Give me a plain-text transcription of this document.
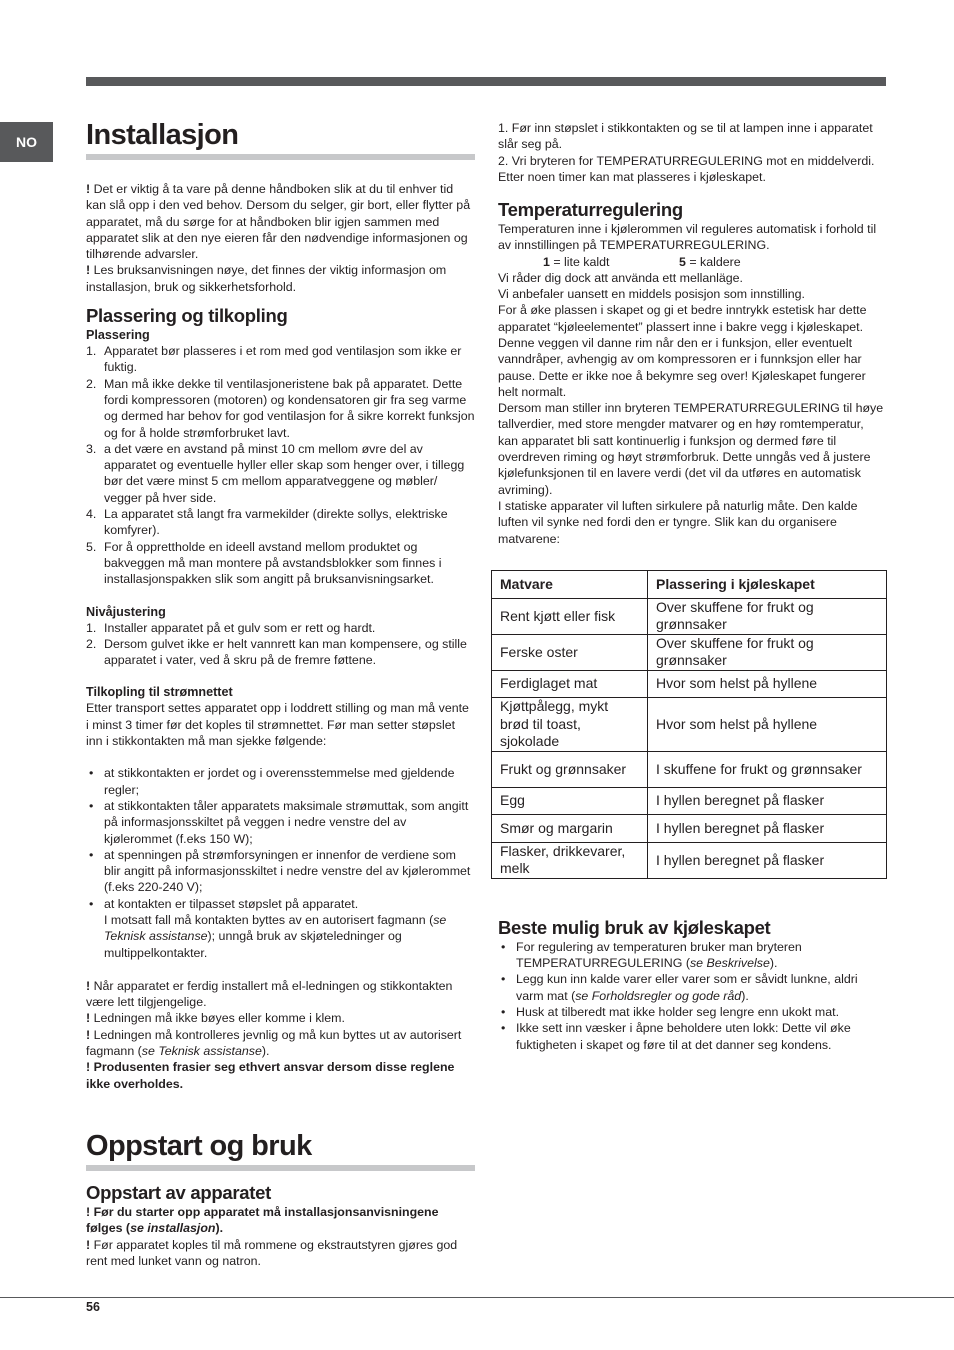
NO	Installasjon

! Det er viktig å ta vare på denne håndboken slik at du til enhver tid kan slå opp i den ved behov. Dersom du selger, gir bort, eller flytter på apparatet, må du sørge for at håndboken blir igjen sammen med apparatet slik at den nye eieren får den nødvendige informasjonen og tilhørende advarsler.

! Les bruksanvisningen nøye, det finnes der viktig informasjon om installasjon, bruk og sikkerhetsforhold.

Plassering og tilkopling
Plassering
1. Apparatet bør plasseres i et rom med god ventilasjon som ikke er fuktig.
2. Man må ikke dekke til ventilasjoneristene bak på apparatet. Dette fordi kompressoren (motoren) og kondensatoren gir fra seg varme og dermed har behov for god ventilasjon for å sikre korrekt funksjon og for å holde strømforbruket lavt.
3. a det være en avstand på minst 10 cm mellom øvre del av apparatet og eventuelle hyller eller skap som henger over, i tillegg bør det være minst 5 cm mellom apparatveggene og møbler/ vegger på hver side.
4. La apparatet stå langt fra varmekilder (direkte sollys, elektriske komfyrer).
5. For å opprettholde en ideell avstand mellom produktet og bakveggen må man montere på avstandsblokker som finnes i installasjonspakken slik som angitt på bruksanvisningsarket.
Nivåjustering
1. Installer apparatet på et gulv som er rett og hardt.
2. Dersom gulvet ikke er helt vannrett kan man kompensere, og stille apparatet i vater, ved å skru på de fremre føttene.
Tilkopling til strømnettet

Etter transport settes apparatet opp i loddrett stilling og man må vente i minst 3 timer før det koples til strømnettet. Før man setter støpslet inn i stikkontakten må man sjekke følgende:

• at stikkontakten er jordet og i overensstemmelse med gjeldende regler;
• at stikkontakten tåler apparatets maksimale strømuttak, som angitt på informasjonsskiltet på veggen i nedre venstre del av kjølerommet (f.eks 150 W);
• at spenningen på strømforsyningen er innenfor de verdiene som blir angitt på informasjonsskiltet i nedre venstre del av kjølerommet (f.eks 220-240 V);
• at kontakten er tilpasset støpslet på apparatet.
I motsatt fall må kontakten byttes av en autorisert fagmann (se Teknisk assistanse); unngå bruk av skjøteledninger og multippelkontakter.

! Når apparatet er ferdig installert må el-ledningen og stikkontakten være lett tilgjengelige.

! Ledningen må ikke bøyes eller komme i klem.

! Ledningen må kontrolleres jevnlig og må kun byttes ut av autorisert fagmann (se Teknisk assistanse).

! Produsenten frasier seg ethvert ansvar dersom disse reglene ikke overholdes.

Oppstart og bruk
Oppstart av apparatet

! Før du starter opp apparatet må installasjonsanvisningene følges (se installasjon).

! Før apparatet koples til må rommene og ekstrautstyren gjøres god rent med lunket vann og natron.

1. Før inn støpslet i stikkontakten og se til at lampen inne i apparatet slår seg på.

2. Vri bryteren for TEMPERATURREGULERING mot en middelverdi. Etter noen timer kan mat plasseres i kjøleskapet.

Temperaturregulering

Temperaturen inne i kjølerommen vil reguleres automatisk i forhold til av innstillingen på TEMPERATURREGULERING.

1 = lite kaldt	5 = kaldere

Vi råder dig dock att använda ett mellanläge.

Vi anbefaler uansett en middels posisjon som innstilling.

For å øke plassen i skapet og gi et bedre inntrykk estetisk har dette apparatet “kjøleelementet” plassert inne i bakre vegg i kjøleskapet. Denne veggen vil danne rim når den er i funksjon, eller eventuelt vanndråper, avhengig av om kompressoren er i funnksjon eller har pause. Dette er ikke noe å bekymre seg over! Kjøleskapet fungerer helt normalt.

Dersom man stiller inn bryteren TEMPERATURREGULERING til høye tallverdier, med store mengder matvarer og en høy romtemperatur, kan apparatet bli satt kontinuerlig i funksjon og dermed føre til overdreven riming og høyt strømforbruk. Dette unngås ved å justere kjølefunksjonen til en lavere verdi (det vil da utføres en automatisk avriming).

I statiske apparater vil luften sirkulere på naturlig måte. Den kalde luften vil synke ned fordi den er tyngre. Slik kan du organisere matvarene:

Matvare	Plassering i kjøleskapet
Rent kjøtt eller fisk	Over skuffene for frukt og grønnsaker
Ferske oster	Over skuffene for frukt og grønnsaker
Ferdiglaget mat	Hvor som helst på hyllene
Kjøttpålegg, mykt brød til toast, sjokolade	Hvor som helst på hyllene
Frukt og grønnsaker	I skuffene for frukt og grønnsaker
Egg	I hyllen beregnet på flasker
Smør og margarin	I hyllen beregnet på flasker
Flasker, drikkevarer, melk	I hyllen beregnet på flasker
Beste mulig bruk av kjøleskapet
• For regulering av temperaturen bruker man bryteren TEMPERATURREGULERING (se Beskrivelse).
• Legg kun inn kalde varer eller varer som er såvidt lunkne, aldri varm mat (se Forholdsregler og gode råd).
• Husk at tilberedt mat ikke holder seg lengre enn ukokt mat.
• Ikke sett inn væsker i åpne beholdere uten lokk: Dette vil øke fuktigheten i skapet og føre til at det danner seg kondens.
56
